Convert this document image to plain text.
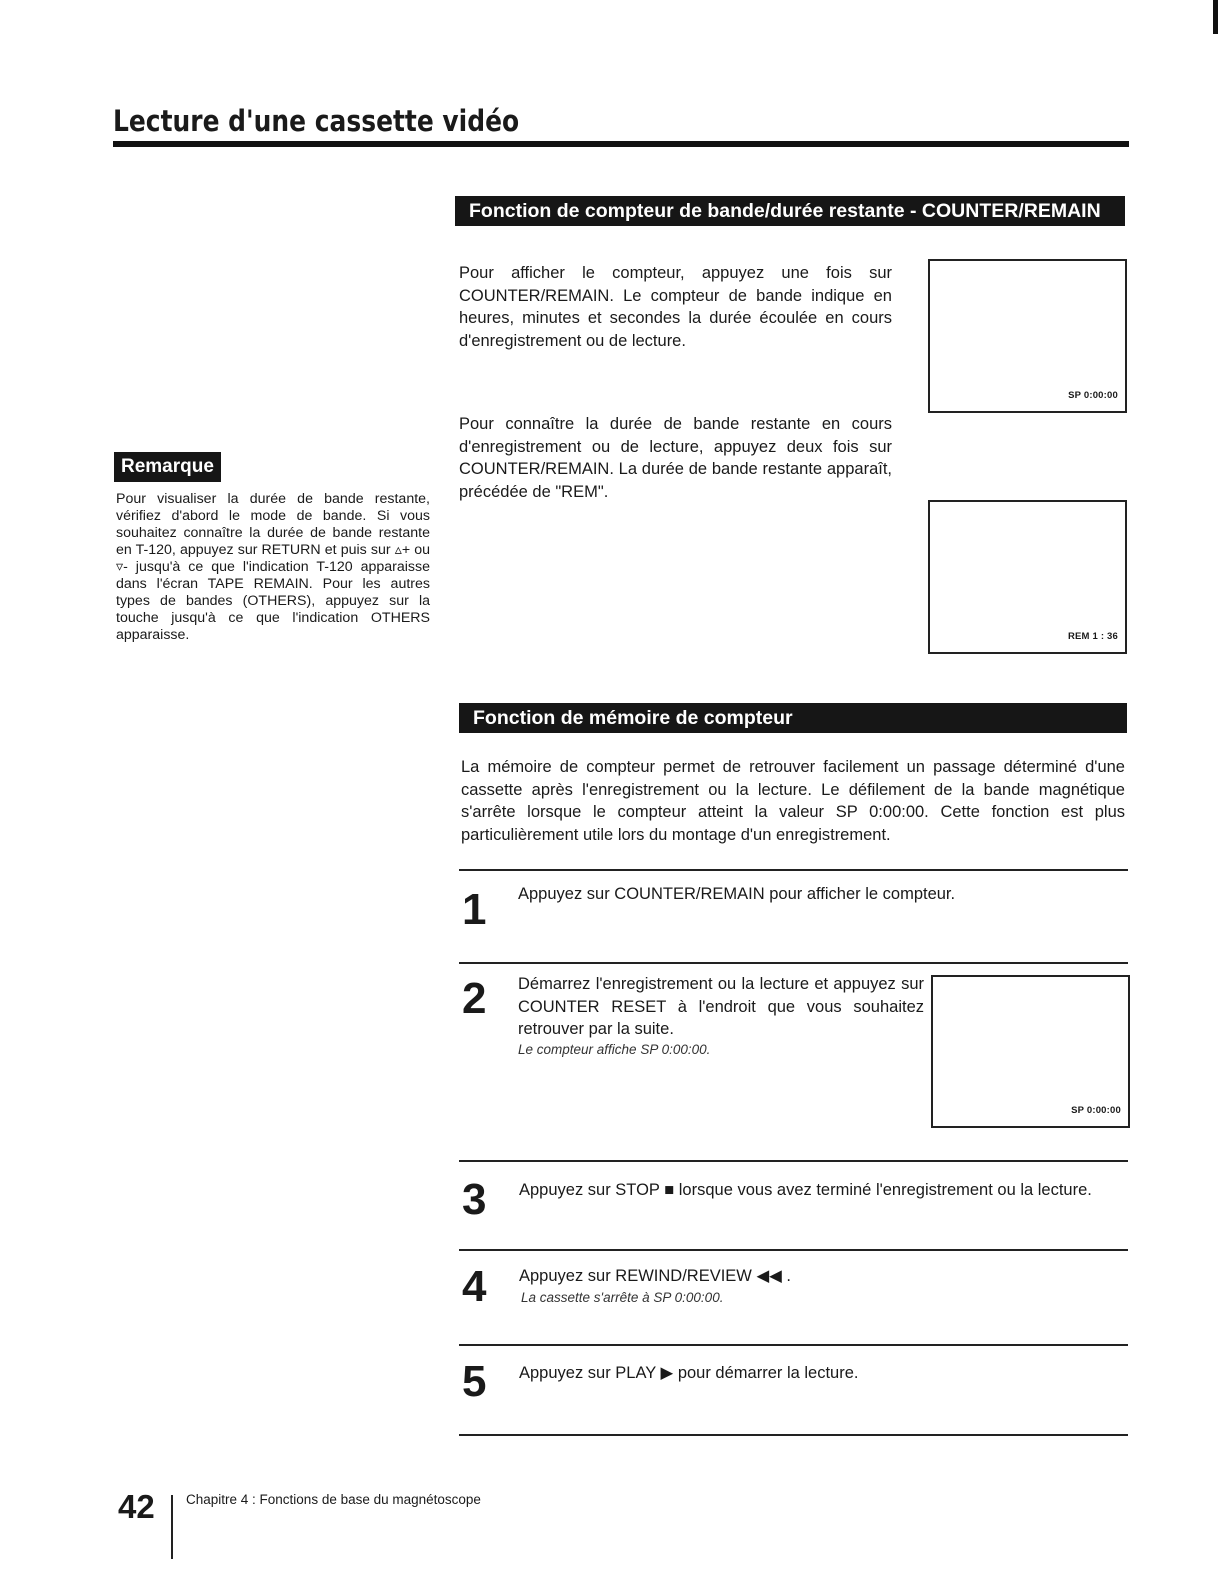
Lecture d'une cassette vidéo
Fonction de compteur de bande/durée restante - COUNTER/REMAIN

Pour afficher le compteur, appuyez une fois sur COUNTER/REMAIN. Le compteur de bande indique en heures, minutes et secondes la durée écoulée en cours d'enregistrement ou de lecture.

Pour connaître la durée de bande restante en cours d'enregistrement ou de lecture, appuyez deux fois sur COUNTER/REMAIN. La durée de bande restante apparaît, précédée de "REM".

SP 0:00:00
REM 1 : 36
Remarque
Pour visualiser la durée de bande restante, vérifiez d'abord le mode de bande. Si vous souhaitez connaître la durée de bande restante en T-120, appuyez sur RETURN et puis sur ▵+ ou ▿- jusqu'à ce que l'indication T-120 apparaisse dans l'écran TAPE REMAIN. Pour les autres types de bandes (OTHERS), appuyez sur la touche jusqu'à ce que l'indication OTHERS apparaisse.
Fonction de mémoire de compteur

La mémoire de compteur permet de retrouver facilement un passage déterminé d'une cassette après l'enregistrement ou la lecture. Le défilement de la bande magnétique s'arrête lorsque le compteur atteint la valeur SP 0:00:00. Cette fonction est plus particulièrement utile lors du montage d'un enregistrement.

1 Appuyez sur COUNTER/REMAIN pour afficher le compteur.
2 Démarrez l'enregistrement ou la lecture et appuyez sur COUNTER RESET à l'endroit que vous souhaitez retrouver par la suite.
Le compteur affiche SP 0:00:00.
SP 0:00:00
3 Appuyez sur STOP ■ lorsque vous avez terminé l'enregistrement ou la lecture.
4 Appuyez sur REWIND/REVIEW ◀◀ .
La cassette s'arrête à SP 0:00:00.
5 Appuyez sur PLAY ▶ pour démarrer la lecture.
42 Chapitre 4 : Fonctions de base du magnétoscope
